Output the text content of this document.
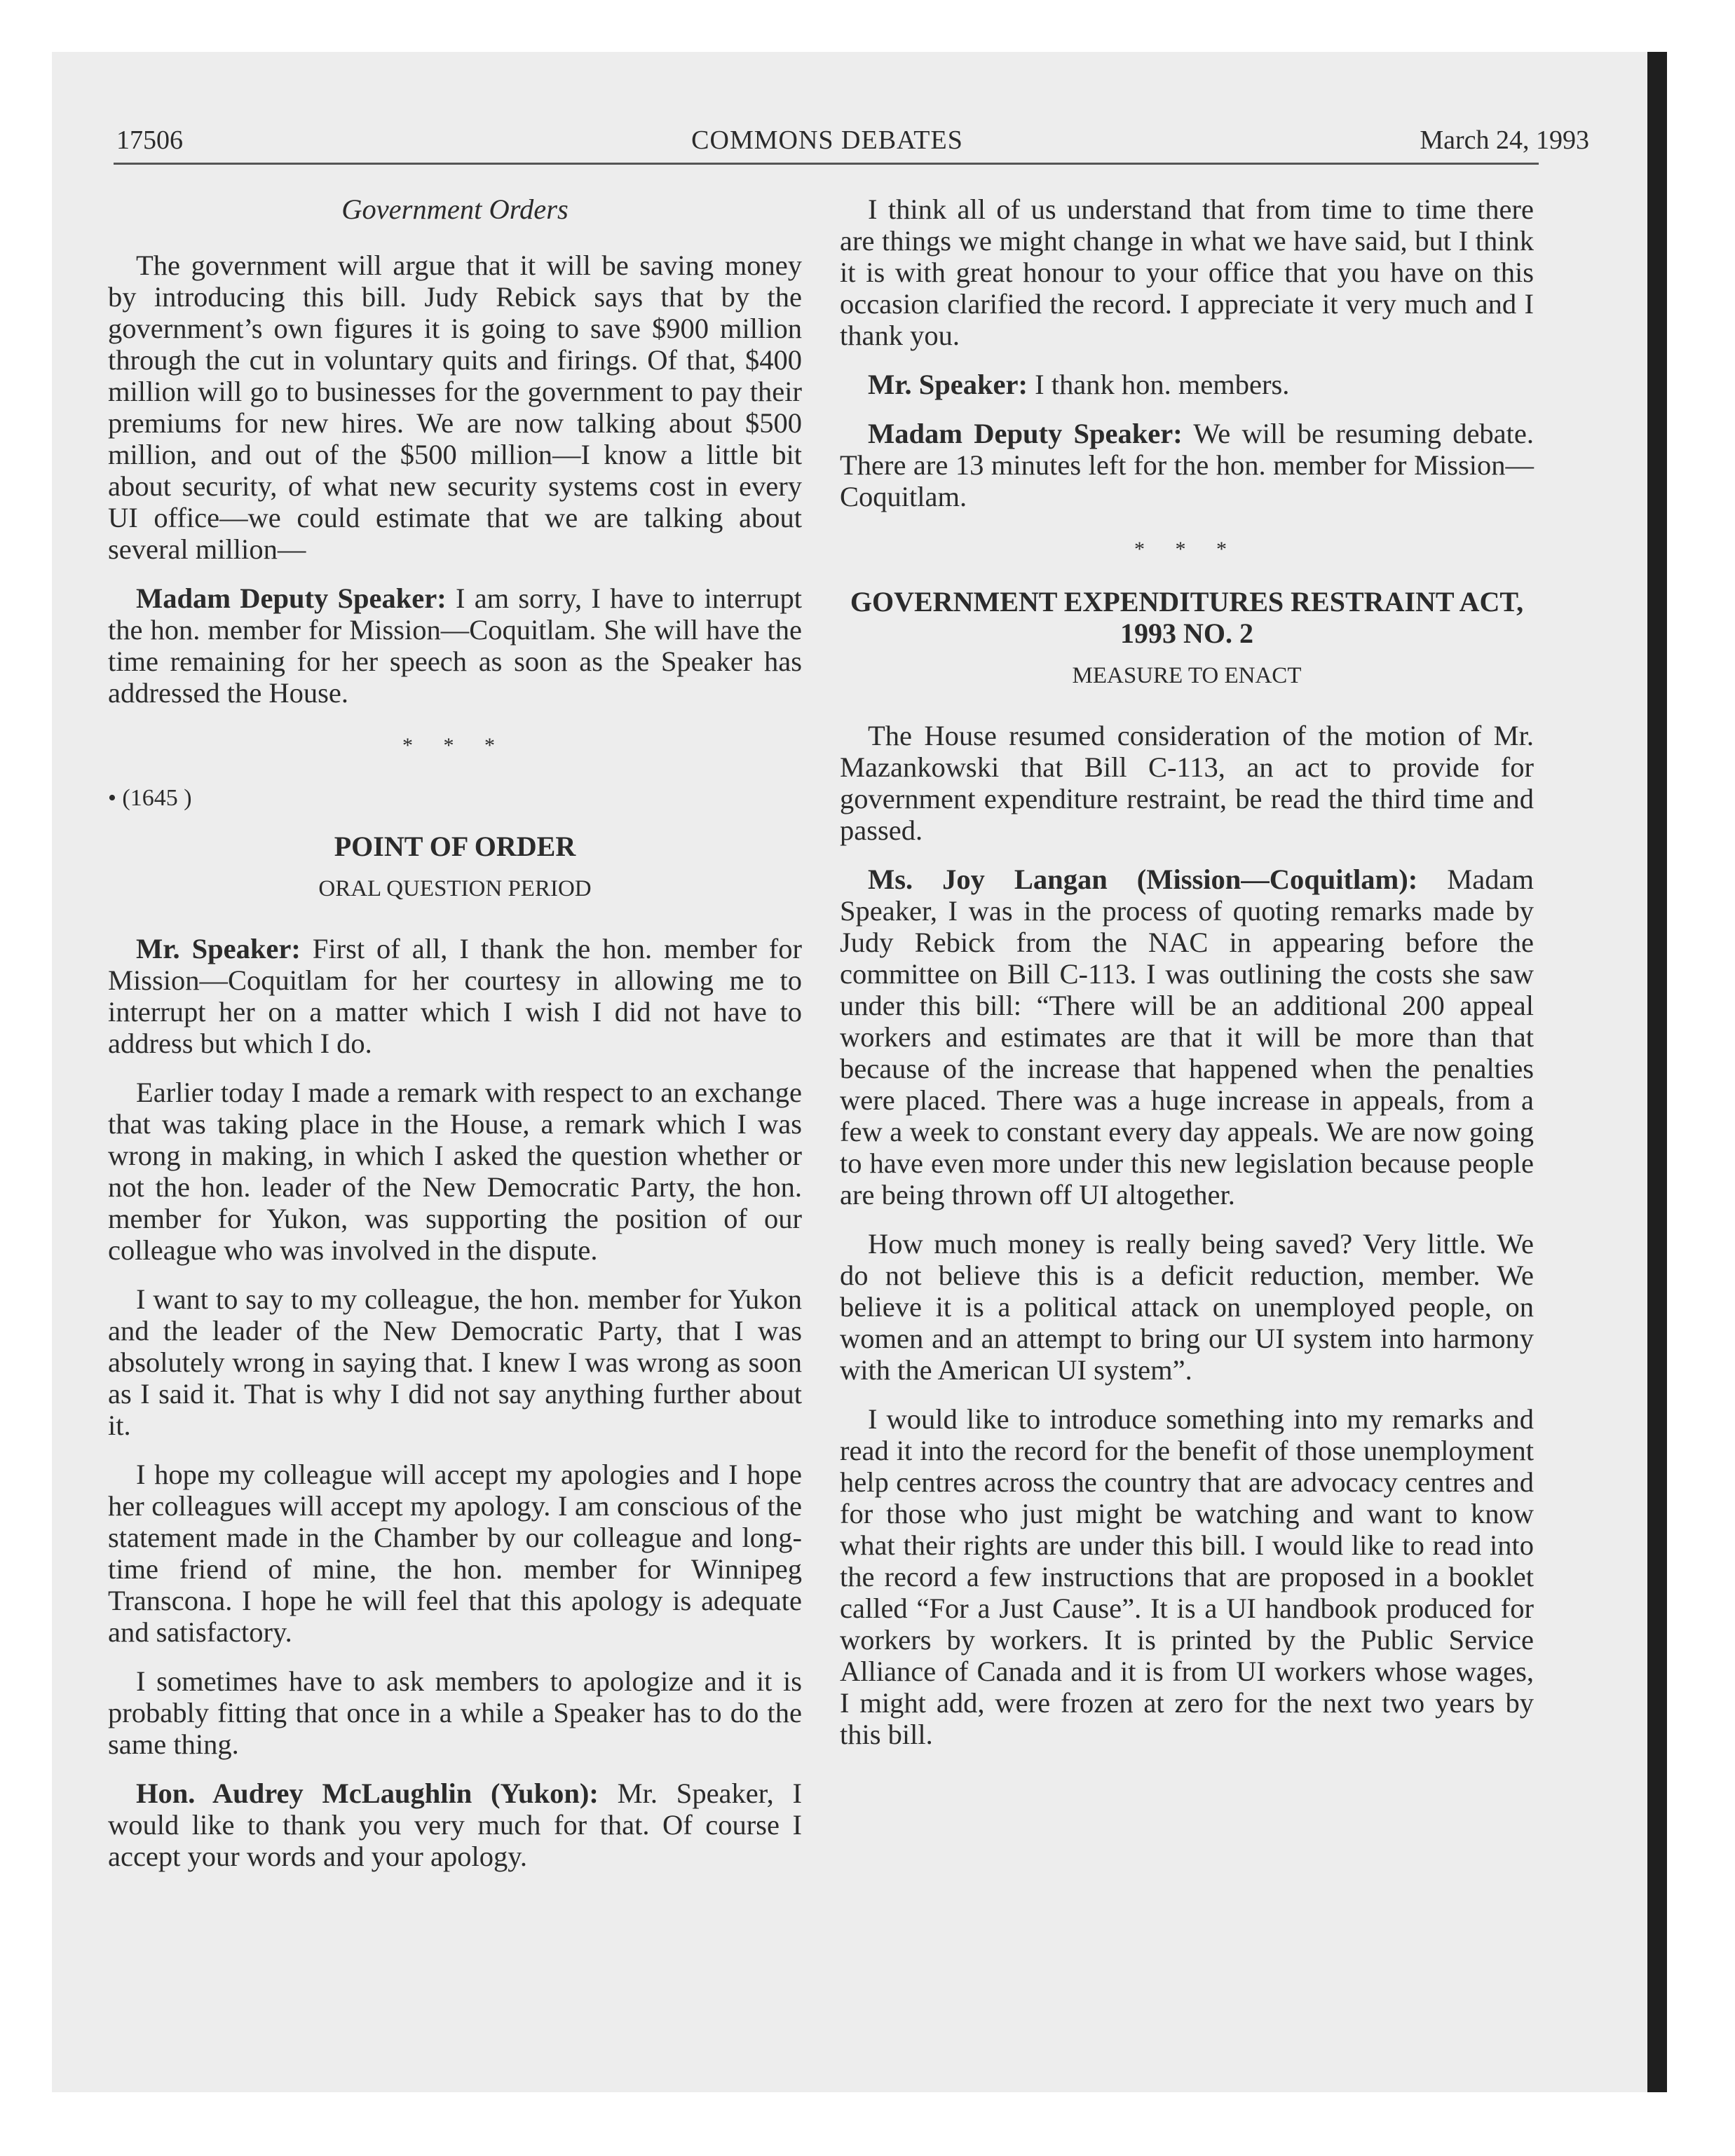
17506	COMMONS DEBATES	March 24, 1993
Government Orders

The government will argue that it will be saving money by introducing this bill. Judy Rebick says that by the government’s own figures it is going to save $900 million through the cut in voluntary quits and firings. Of that, $400 million will go to businesses for the government to pay their premiums for new hires. We are now talking about $500 million, and out of the $500 million—I know a little bit about security, of what new security systems cost in every UI office—we could estimate that we are talking about several million—

Madam Deputy Speaker: I am sorry, I have to interrupt the hon. member for Mission—Coquitlam. She will have the time remaining for her speech as soon as the Speaker has addressed the House.

* * *
• (1645 )
POINT OF ORDER
ORAL QUESTION PERIOD

Mr. Speaker: First of all, I thank the hon. member for Mission—Coquitlam for her courtesy in allowing me to interrupt her on a matter which I wish I did not have to address but which I do.

Earlier today I made a remark with respect to an exchange that was taking place in the House, a remark which I was wrong in making, in which I asked the question whether or not the hon. leader of the New Democratic Party, the hon. member for Yukon, was supporting the position of our colleague who was involved in the dispute.

I want to say to my colleague, the hon. member for Yukon and the leader of the New Democratic Party, that I was absolutely wrong in saying that. I knew I was wrong as soon as I said it. That is why I did not say anything further about it.

I hope my colleague will accept my apologies and I hope her colleagues will accept my apology. I am conscious of the statement made in the Chamber by our colleague and long-time friend of mine, the hon. member for Winnipeg Transcona. I hope he will feel that this apology is adequate and satisfactory.

I sometimes have to ask members to apologize and it is probably fitting that once in a while a Speaker has to do the same thing.

Hon. Audrey McLaughlin (Yukon): Mr. Speaker, I would like to thank you very much for that. Of course I accept your words and your apology.

I think all of us understand that from time to time there are things we might change in what we have said, but I think it is with great honour to your office that you have on this occasion clarified the record. I appreciate it very much and I thank you.

Mr. Speaker: I thank hon. members.

Madam Deputy Speaker: We will be resuming debate. There are 13 minutes left for the hon. member for Mission—Coquitlam.

* * *
GOVERNMENT EXPENDITURES RESTRAINT ACT,
1993 NO. 2
MEASURE TO ENACT

The House resumed consideration of the motion of Mr. Mazankowski that Bill C-113, an act to provide for government expenditure restraint, be read the third time and passed.

Ms. Joy Langan (Mission—Coquitlam): Madam Speaker, I was in the process of quoting remarks made by Judy Rebick from the NAC in appearing before the committee on Bill C-113. I was outlining the costs she saw under this bill: “There will be an additional 200 appeal workers and estimates are that it will be more than that because of the increase that happened when the penalties were placed. There was a huge increase in appeals, from a few a week to constant every day appeals. We are now going to have even more under this new legislation because people are being thrown off UI altogether.

How much money is really being saved? Very little. We do not believe this is a deficit reduction, member. We believe it is a political attack on unemployed people, on women and an attempt to bring our UI system into harmony with the American UI system”.

I would like to introduce something into my remarks and read it into the record for the benefit of those unemployment help centres across the country that are advocacy centres and for those who just might be watching and want to know what their rights are under this bill. I would like to read into the record a few instructions that are proposed in a booklet called “For a Just Cause”. It is a UI handbook produced for workers by workers. It is printed by the Public Service Alliance of Canada and it is from UI workers whose wages, I might add, were frozen at zero for the next two years by this bill.
